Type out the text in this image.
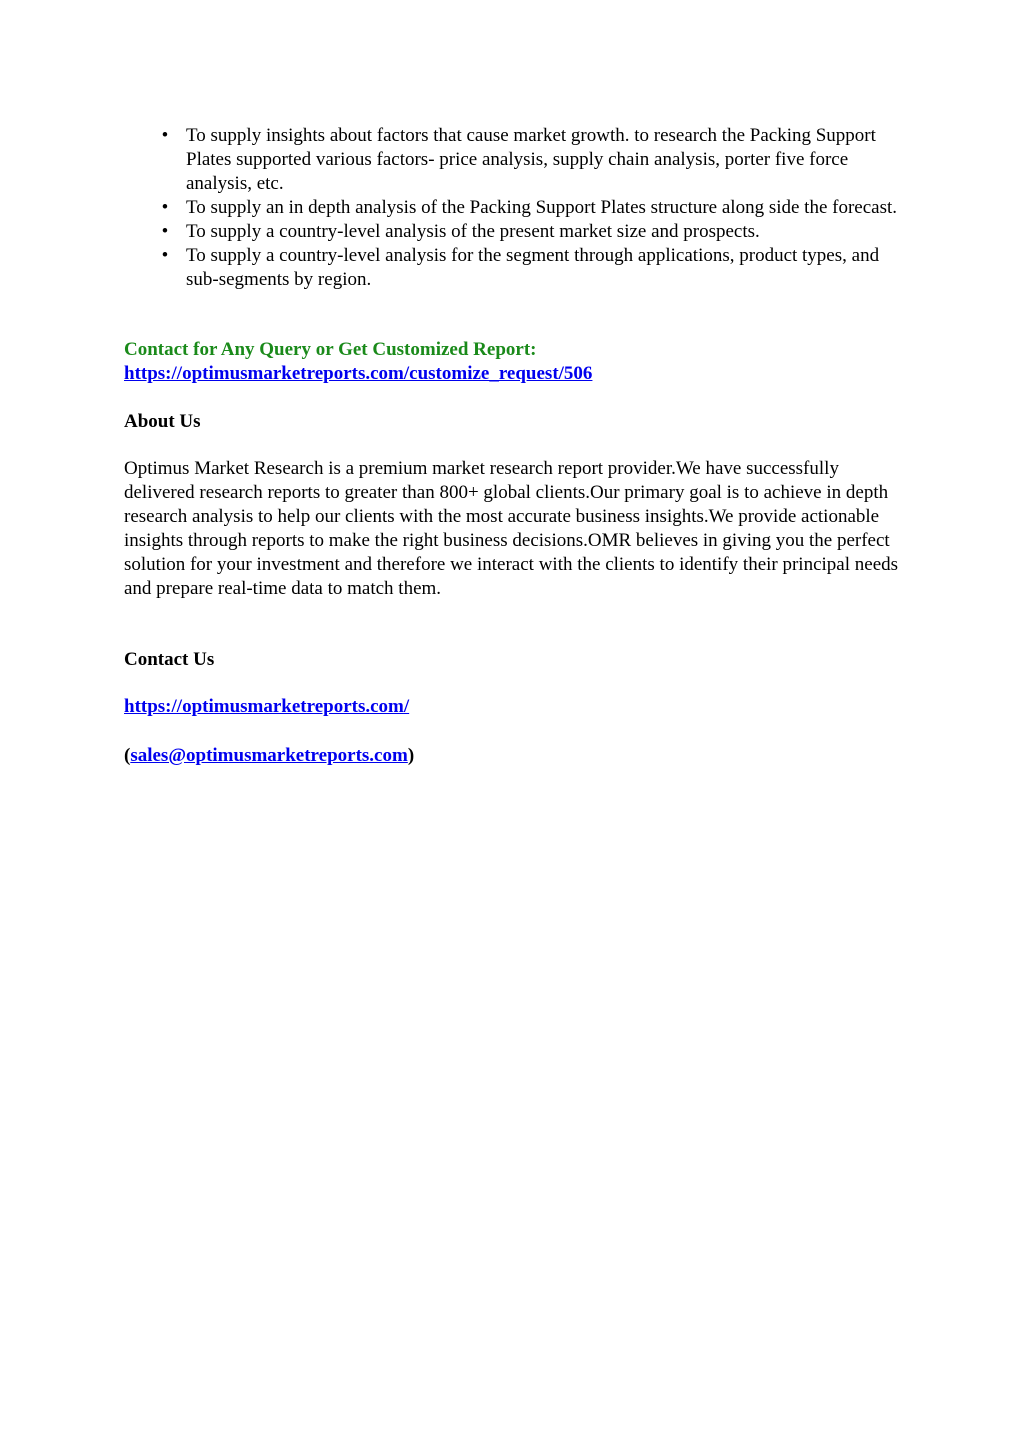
• To supply insights about factors that cause market growth. to research the Packing Support Plates supported various factors- price analysis, supply chain analysis, porter five force analysis, etc.
• To supply an in depth analysis of the Packing Support Plates structure along side the forecast.
• To supply a country-level analysis of the present market size and prospects.
• To supply a country-level analysis for the segment through applications, product types, and sub-segments by region.
Contact for Any Query or Get Customized Report:
https://optimusmarketreports.com/customize_request/506
About Us

Optimus Market Research is a premium market research report provider.We have successfully delivered research reports to greater than 800+ global clients.Our primary goal is to achieve in depth research analysis to help our clients with the most accurate business insights.We provide actionable insights through reports to make the right business decisions.OMR believes in giving you the perfect solution for your investment and therefore we interact with the clients to identify their principal needs and prepare real-time data to match them.

Contact Us
https://optimusmarketreports.com/
(sales@optimusmarketreports.com)
